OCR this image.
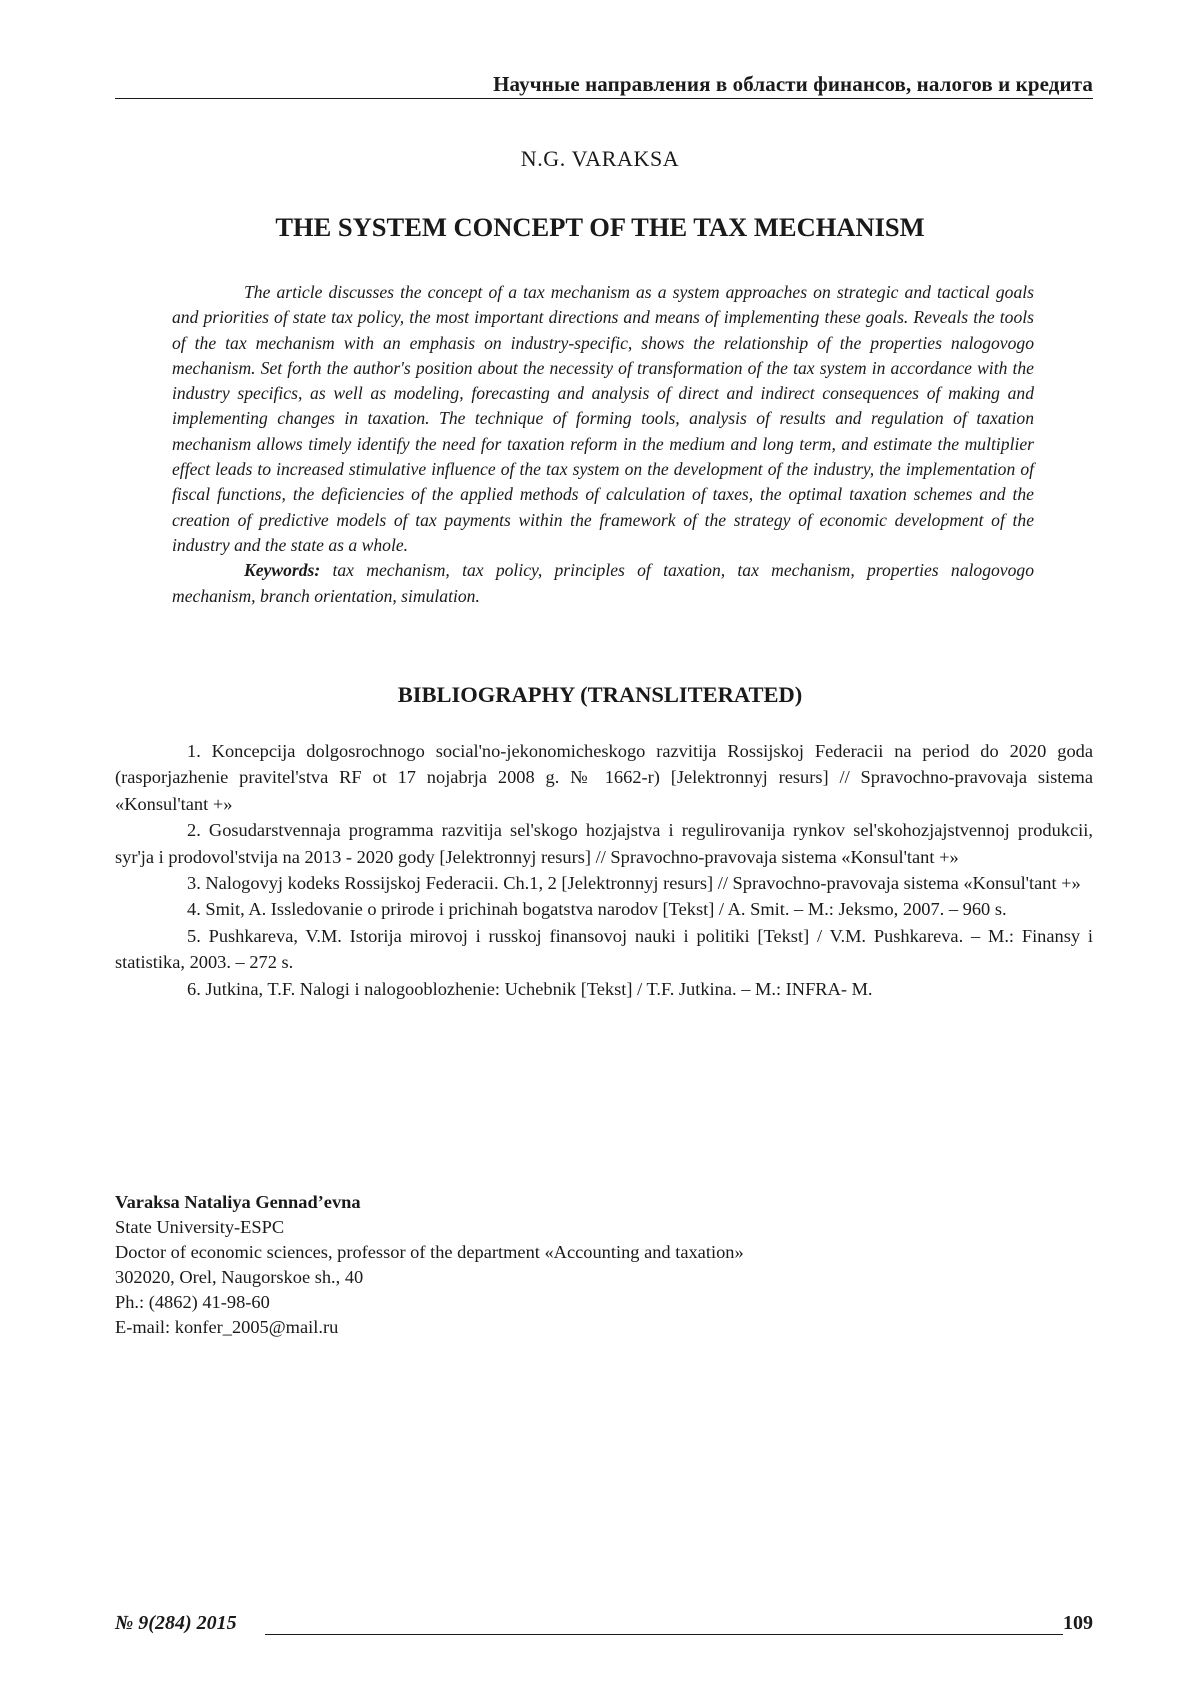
Научные направления в области финансов, налогов и кредита
N.G. VARAKSA
THE SYSTEM CONCEPT OF THE TAX MECHANISM

The article discusses the concept of a tax mechanism as a system approaches on strategic and tactical goals and priorities of state tax policy, the most important directions and means of implementing these goals. Reveals the tools of the tax mechanism with an emphasis on industry-specific, shows the relationship of the properties nalogovogo mechanism. Set forth the author's position about the necessity of transformation of the tax system in accordance with the industry specifics, as well as modeling, forecasting and analysis of direct and indirect consequences of making and implementing changes in taxation. The technique of forming tools, analysis of results and regulation of taxation mechanism allows timely identify the need for taxation reform in the medium and long term, and estimate the multiplier effect leads to increased stimulative influence of the tax system on the development of the industry, the implementation of fiscal functions, the deficiencies of the applied methods of calculation of taxes, the optimal taxation schemes and the creation of predictive models of tax payments within the framework of the strategy of economic development of the industry and the state as a whole.

Keywords: tax mechanism, tax policy, principles of taxation, tax mechanism, properties nalogovogo mechanism, branch orientation, simulation.

BIBLIOGRAPHY (TRANSLITERATED)

1. Koncepcija dolgosrochnogo social'no-jekonomicheskogo razvitija Rossijskoj Federacii na period do 2020 goda (rasporjazhenie pravitel'stva RF ot 17 nojabrja 2008 g. № 1662-r) [Jelektronnyj resurs] // Spravochno-pravovaja sistema «Konsul'tant +»

2. Gosudarstvennaja programma razvitija sel'skogo hozjajstva i regulirovanija rynkov sel'skohozjajstvennoj produkcii, syr'ja i prodovol'stvija na 2013 - 2020 gody [Jelektronnyj resurs] // Spravochno-pravovaja sistema «Konsul'tant +»

3. Nalogovyj kodeks Rossijskoj Federacii. Ch.1, 2 [Jelektronnyj resurs] // Spravochno-pravovaja sistema «Konsul'tant +»

4. Smit, A. Issledovanie o prirode i prichinah bogatstva narodov [Tekst] / A. Smit. – M.: Jeksmo, 2007. – 960 s.

5. Pushkareva, V.M. Istorija mirovoj i russkoj finansovoj nauki i politiki [Tekst] / V.M. Pushkareva. – M.: Finansy i statistika, 2003. – 272 s.

6. Jutkina, T.F. Nalogi i nalogooblozhenie: Uchebnik [Tekst] / T.F. Jutkina. – M.: INFRA- M.

Varaksa Nataliya Gennad’evna
State University-ESPC
Doctor of economic sciences, professor of the department «Accounting and taxation»
302020, Orel, Naugorskoe sh., 40
Ph.: (4862) 41-98-60
E-mail: konfer_2005@mail.ru
№ 9(284) 2015	109
